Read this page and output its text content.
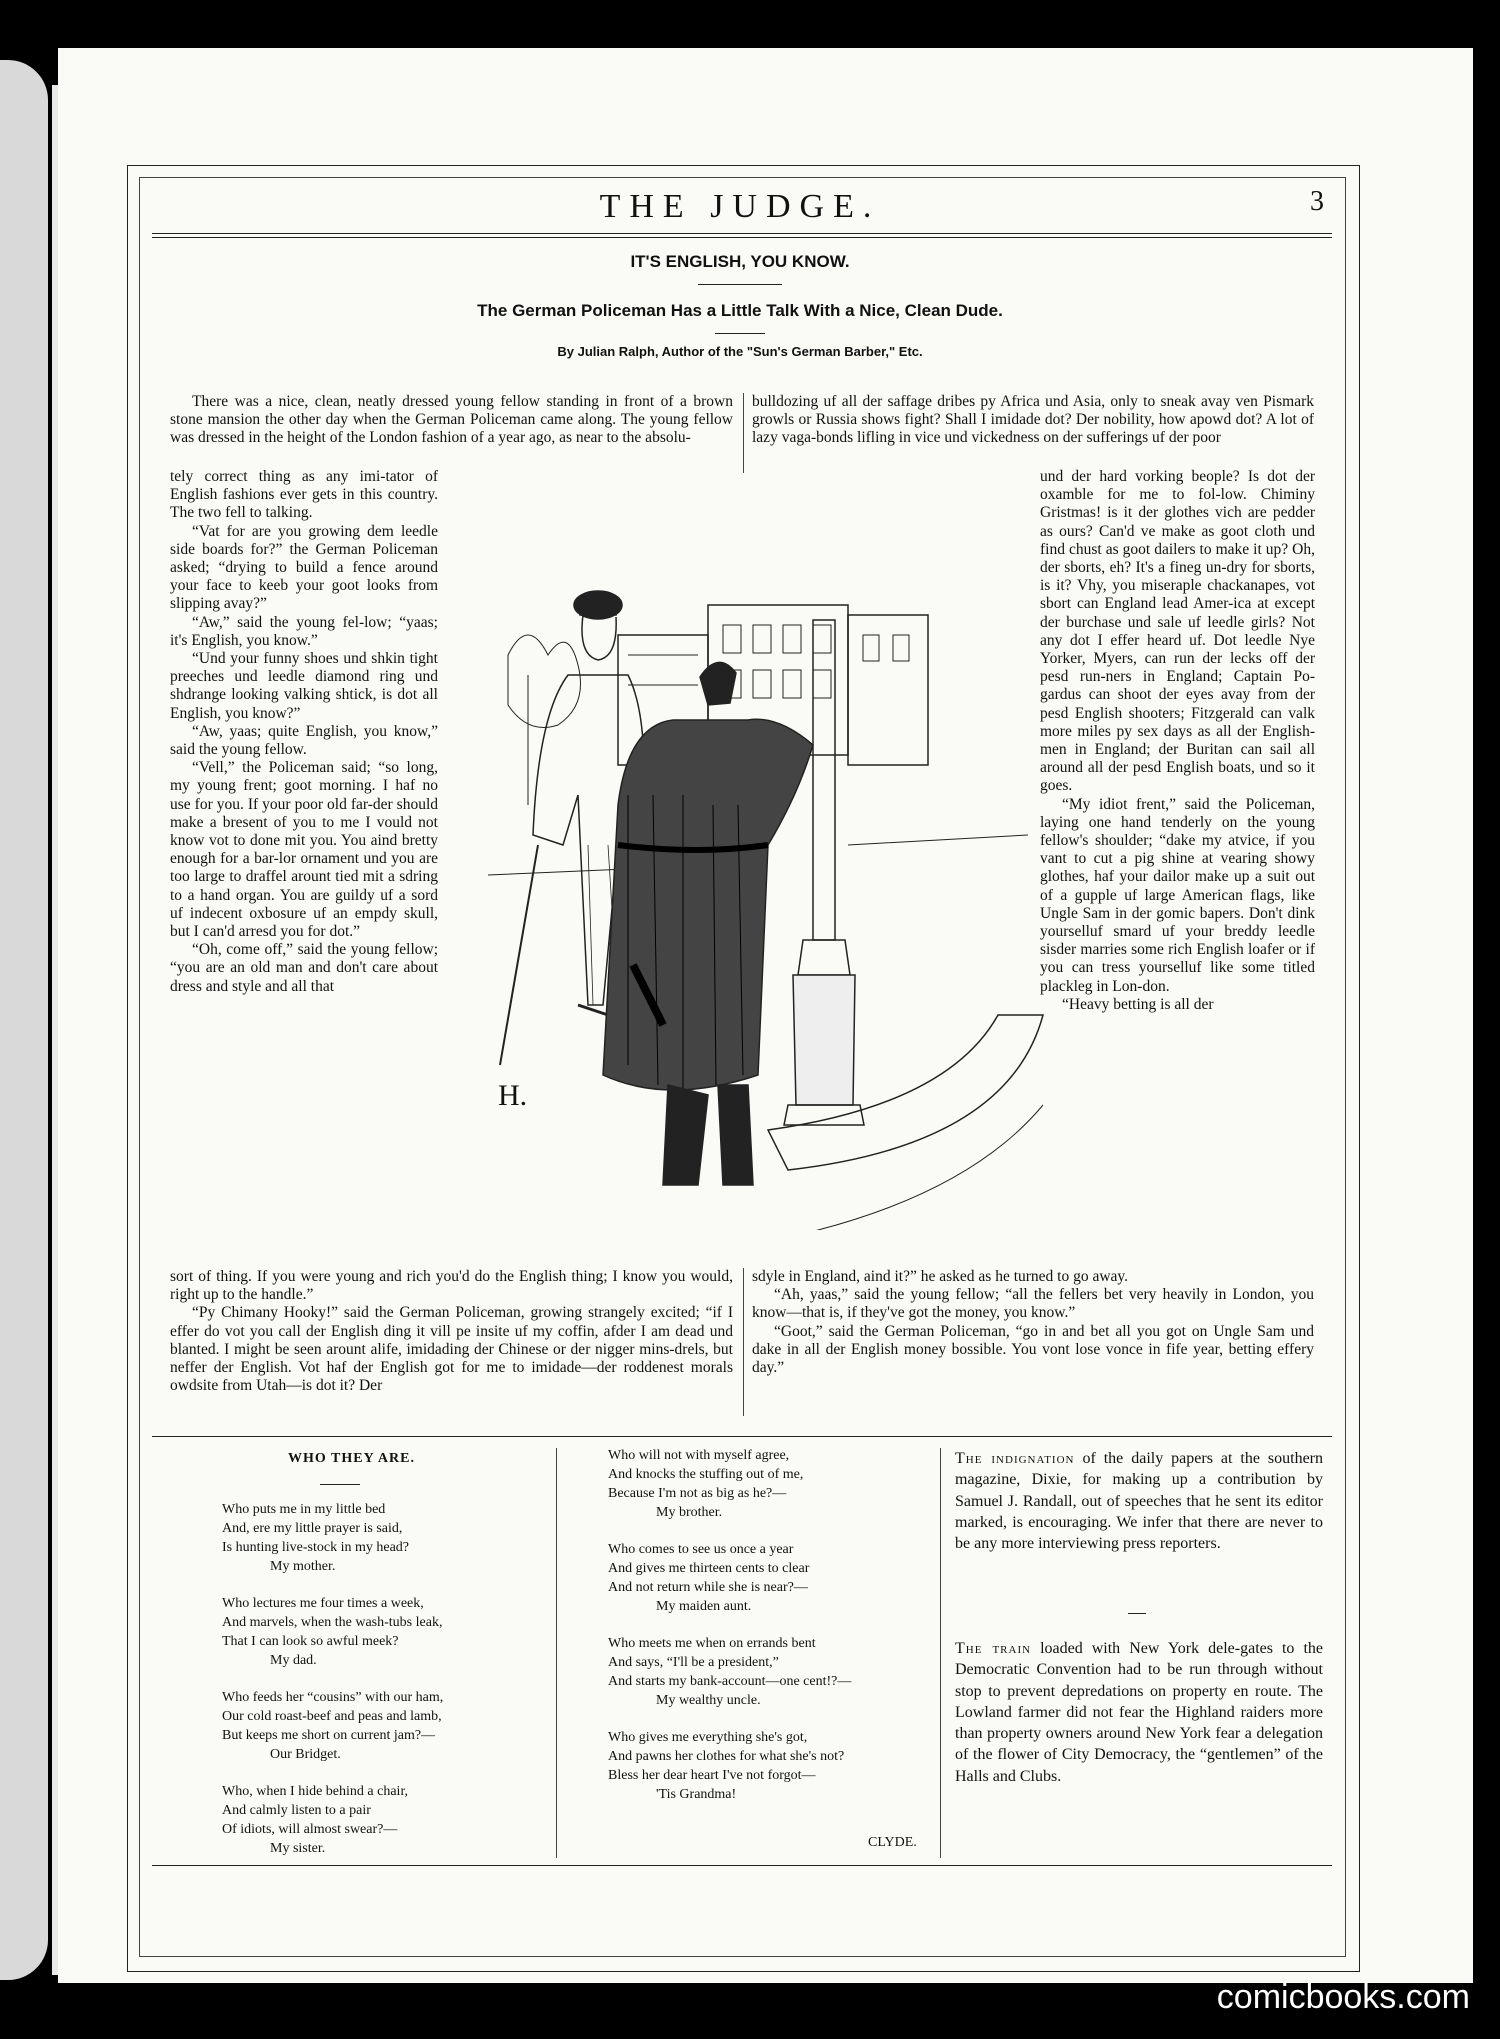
THE JUDGE.	3
IT'S ENGLISH, YOU KNOW.
The German Policeman Has a Little Talk With a Nice, Clean Dude.
By Julian Ralph, Author of the "Sun's German Barber," Etc.

There was a nice, clean, neatly dressed young fellow standing in front of a brown stone mansion the other day when the German Policeman came along. The young fellow was dressed in the height of the London fashion of a year ago, as near to the absolu-

bulldozing uf all der saffage dribes py Africa und Asia, only to sneak avay ven Pismark growls or Russia shows fight? Shall I imidade dot? Der nobility, how apowd dot? A lot of lazy vaga-bonds lifling in vice und vickedness on der sufferings uf der poor

tely correct thing as any imi-tator of English fashions ever gets in this country. The two fell to talking.

“Vat for are you growing dem leedle side boards for?” the German Policeman asked; “drying to build a fence around your face to keeb your goot looks from slipping avay?”

“Aw,” said the young fel-low; “yaas; it's English, you know.”

“Und your funny shoes und shkin tight preeches und leedle diamond ring und shdrange looking valking shtick, is dot all English, you know?”

“Aw, yaas; quite English, you know,” said the young fellow.

“Vell,” the Policeman said; “so long, my young frent; goot morning. I haf no use for you. If your poor old far-der should make a bresent of you to me I vould not know vot to done mit you. You aind bretty enough for a bar-lor ornament und you are too large to draffel arount tied mit a sdring to a hand organ. You are guildy uf a sord uf indecent oxbosure uf an empdy skull, but I can'd arresd you for dot.”

“Oh, come off,” said the young fellow; “you are an old man and don't care about dress and style and all that

und der hard vorking beople? Is dot der oxamble for me to fol-low. Chiminy Gristmas! is it der glothes vich are pedder as ours? Can'd ve make as goot cloth und find chust as goot dailers to make it up? Oh, der sborts, eh? It's a fineg un-dry for sborts, is it? Vhy, you miseraple chackanapes, vot sbort can England lead Amer-ica at except der burchase und sale uf leedle girls? Not any dot I effer heard uf. Dot leedle Nye Yorker, Myers, can run der lecks off der pesd run-ners in England; Captain Po-gardus can shoot der eyes avay from der pesd English shooters; Fitzgerald can valk more miles py sex days as all der English-men in England; der Buritan can sail all around all der pesd English boats, und so it goes.

“My idiot frent,” said the Policeman, laying one hand tenderly on the young fellow's shoulder; “dake my atvice, if you vant to cut a pig shine at vearing showy glothes, haf your dailor make up a suit out of a gupple uf large American flags, like Ungle Sam in der gomic bapers. Don't dink yourselluf smard uf your breddy leedle sisder marries some rich English loafer or if you can tress yourselluf like some titled plackleg in Lon-don.

“Heavy betting is all der

H.

sort of thing. If you were young and rich you'd do the English thing; I know you would, right up to the handle.”

“Py Chimany Hooky!” said the German Policeman, growing strangely excited; “if I effer do vot you call der English ding it vill pe insite uf my coffin, afder I am dead und blanted. I might be seen arount alife, imidading der Chinese or der nigger mins-drels, but neffer der English. Vot haf der English got for me to imidade—der roddenest morals owdsite from Utah—is dot it? Der

sdyle in England, aind it?” he asked as he turned to go away.

“Ah, yaas,” said the young fellow; “all the fellers bet very heavily in London, you know—that is, if they've got the money, you know.”

“Goot,” said the German Policeman, “go in and bet all you got on Ungle Sam und dake in all der English money bossible. You vont lose vonce in fife year, betting effery day.”

WHO THEY ARE.
Who puts me in my little bed
And, ere my little prayer is said,
Is hunting live-stock in my head?
My mother.
Who lectures me four times a week,
And marvels, when the wash-tubs leak,
That I can look so awful meek?
My dad.
Who feeds her “cousins” with our ham,
Our cold roast-beef and peas and lamb,
But keeps me short on current jam?—
Our Bridget.
Who, when I hide behind a chair,
And calmly listen to a pair
Of idiots, will almost swear?—
My sister.
Who will not with myself agree,
And knocks the stuffing out of me,
Because I'm not as big as he?—
My brother.
Who comes to see us once a year
And gives me thirteen cents to clear
And not return while she is near?—
My maiden aunt.
Who meets me when on errands bent
And says, “I'll be a president,”
And starts my bank-account—one cent!?—
My wealthy uncle.
Who gives me everything she's got,
And pawns her clothes for what she's not?
Bless her dear heart I've not forgot—
'Tis Grandma!
CLYDE.
The indignation of the daily papers at the southern magazine, Dixie, for making up a contribution by Samuel J. Randall, out of speeches that he sent its editor marked, is encouraging. We infer that there are never to be any more interviewing press reporters.
The train loaded with New York dele-gates to the Democratic Convention had to be run through without stop to prevent depredations on property en route. The Lowland farmer did not fear the Highland raiders more than property owners around New York fear a delegation of the flower of City Democracy, the “gentlemen” of the Halls and Clubs.
comicbooks.com
